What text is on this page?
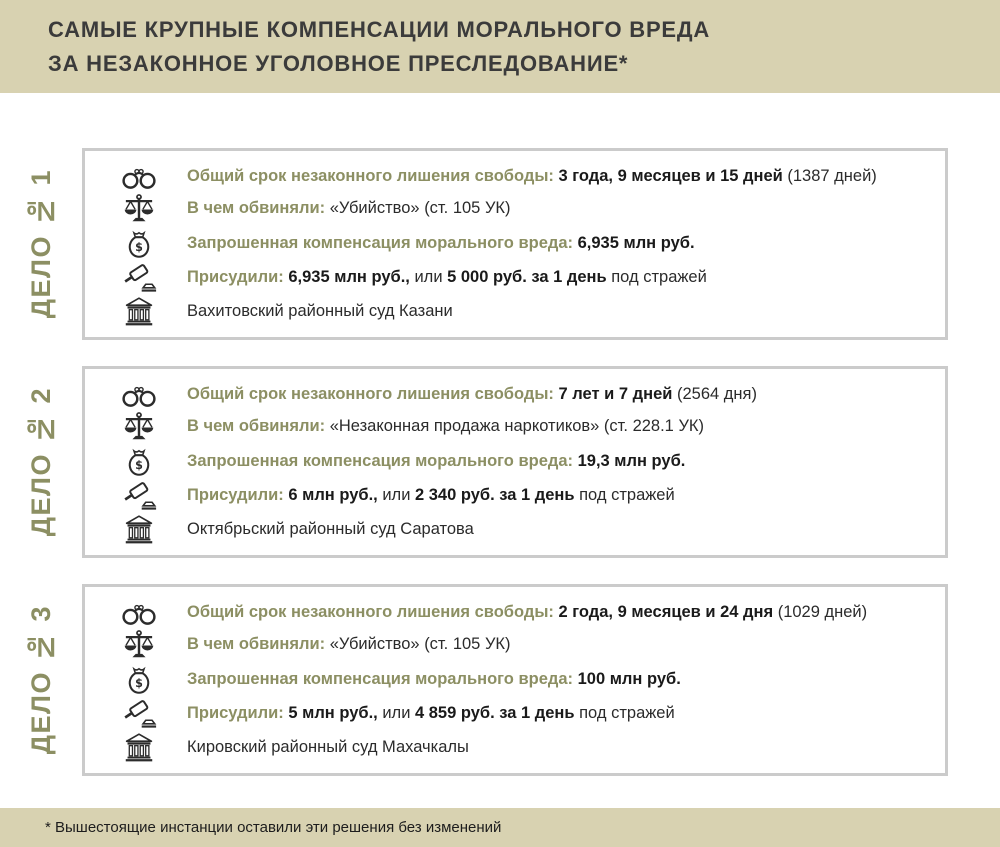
САМЫЕ КРУПНЫЕ КОМПЕНСАЦИИ МОРАЛЬНОГО ВРЕДА
ЗА НЕЗАКОННОЕ УГОЛОВНОЕ ПРЕСЛЕДОВАНИЕ*
ДЕЛО № 1	Общий срок незаконного лишения свободы: 3 года, 9 месяцев и 15 дней (1387 дней)

В чем обвиняли: «Убийство» (ст. 105 УК)

$	Запрошенная компенсация морального вреда: 6,935 млн руб.

Присудили: 6,935 млн руб., или 5 000 руб. за 1 день под стражей

Вахитовский районный суд Казани

ДЕЛО № 2	Общий срок незаконного лишения свободы: 7 лет и 7 дней (2564 дня)

В чем обвиняли: «Незаконная продажа наркотиков» (ст. 228.1 УК)

$	Запрошенная компенсация морального вреда: 19,3 млн руб.

Присудили: 6 млн руб., или 2 340 руб. за 1 день под стражей

Октябрьский районный суд Саратова

ДЕЛО № 3	Общий срок незаконного лишения свободы: 2 года, 9 месяцев и 24 дня (1029 дней)

В чем обвиняли: «Убийство» (ст. 105 УК)

$	Запрошенная компенсация морального вреда: 100 млн руб.

Присудили: 5 млн руб., или 4 859 руб. за 1 день под стражей

Кировский районный суд Махачкалы

* Вышестоящие инстанции оставили эти решения без изменений
